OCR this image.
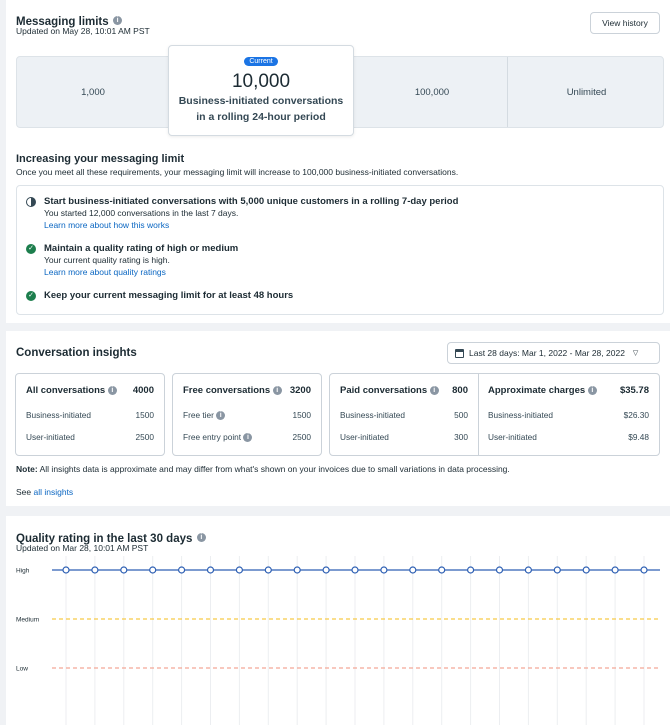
Messaging limits i
Updated on May 28, 10:01 AM PST
View history
1,000	100,000	Unlimited
Start business-initiated conversations with 5,000 unique customers in a rolling 7-day period
You started 12,000 conversations in the last 7 days.
Learn more about how this works
✓ Maintain a quality rating of high or medium
Your current quality rating is high.
Learn more about quality ratings
✓ Keep your current messaging limit for at least 48 hours
Increasing your messaging limit
Once you meet all these requirements, your messaging limit will increase to 100,000 business-initiated conversations.
Current
10,000
Business-initiated conversations
in a rolling 24-hour period
Conversation insights	Last 28 days: Mar 1, 2022 - Mar 28, 2022 ▽
All conversations i	4000
Business-initiated	1500
User-initiated	2500
Free conversations i	3200
Free tier i	1500
Free entry point i	2500
Paid conversations i	800
Business-initiated	500
User-initiated	300
Approximate charges i	$35.78
Business-initiated	$26.30
User-initiated	$9.48
Note: All insights data is approximate and may differ from what's shown on your invoices due to small variations in data processing.
See all insights
Quality rating in the last 30 days i
Updated on Mar 28, 10:01 AM PST
High
Medium
Low
